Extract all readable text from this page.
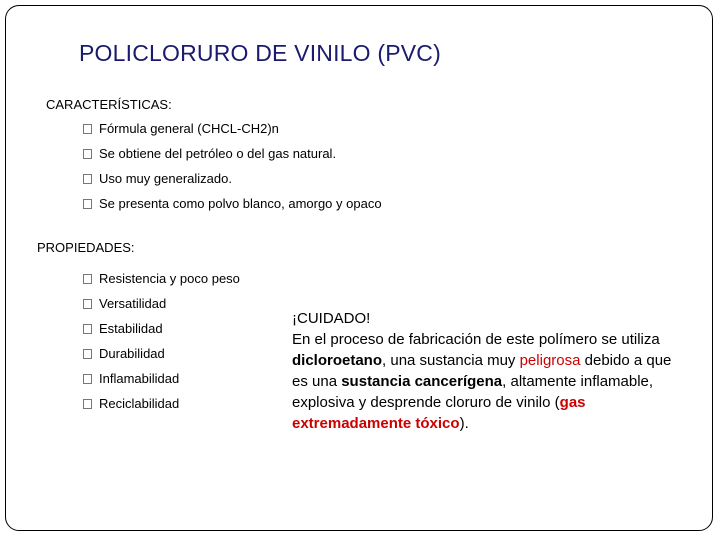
POLICLORURO DE VINILO (PVC)
CARACTERÍSTICAS:
Fórmula general (CHCL-CH2)n
Se obtiene del petróleo o del gas natural.
Uso muy generalizado.
Se presenta como polvo blanco, amorgo y opaco
PROPIEDADES:
Resistencia y poco peso
Versatilidad
Estabilidad
Durabilidad
Inflamabilidad
Reciclabilidad

¡CUIDADO!

En el proceso de fabricación de este polímero se utiliza dicloroetano, una sustancia muy peligrosa debido a que es una sustancia cancerígena, altamente inflamable, explosiva y desprende cloruro de vinilo (gas extremadamente tóxico).
